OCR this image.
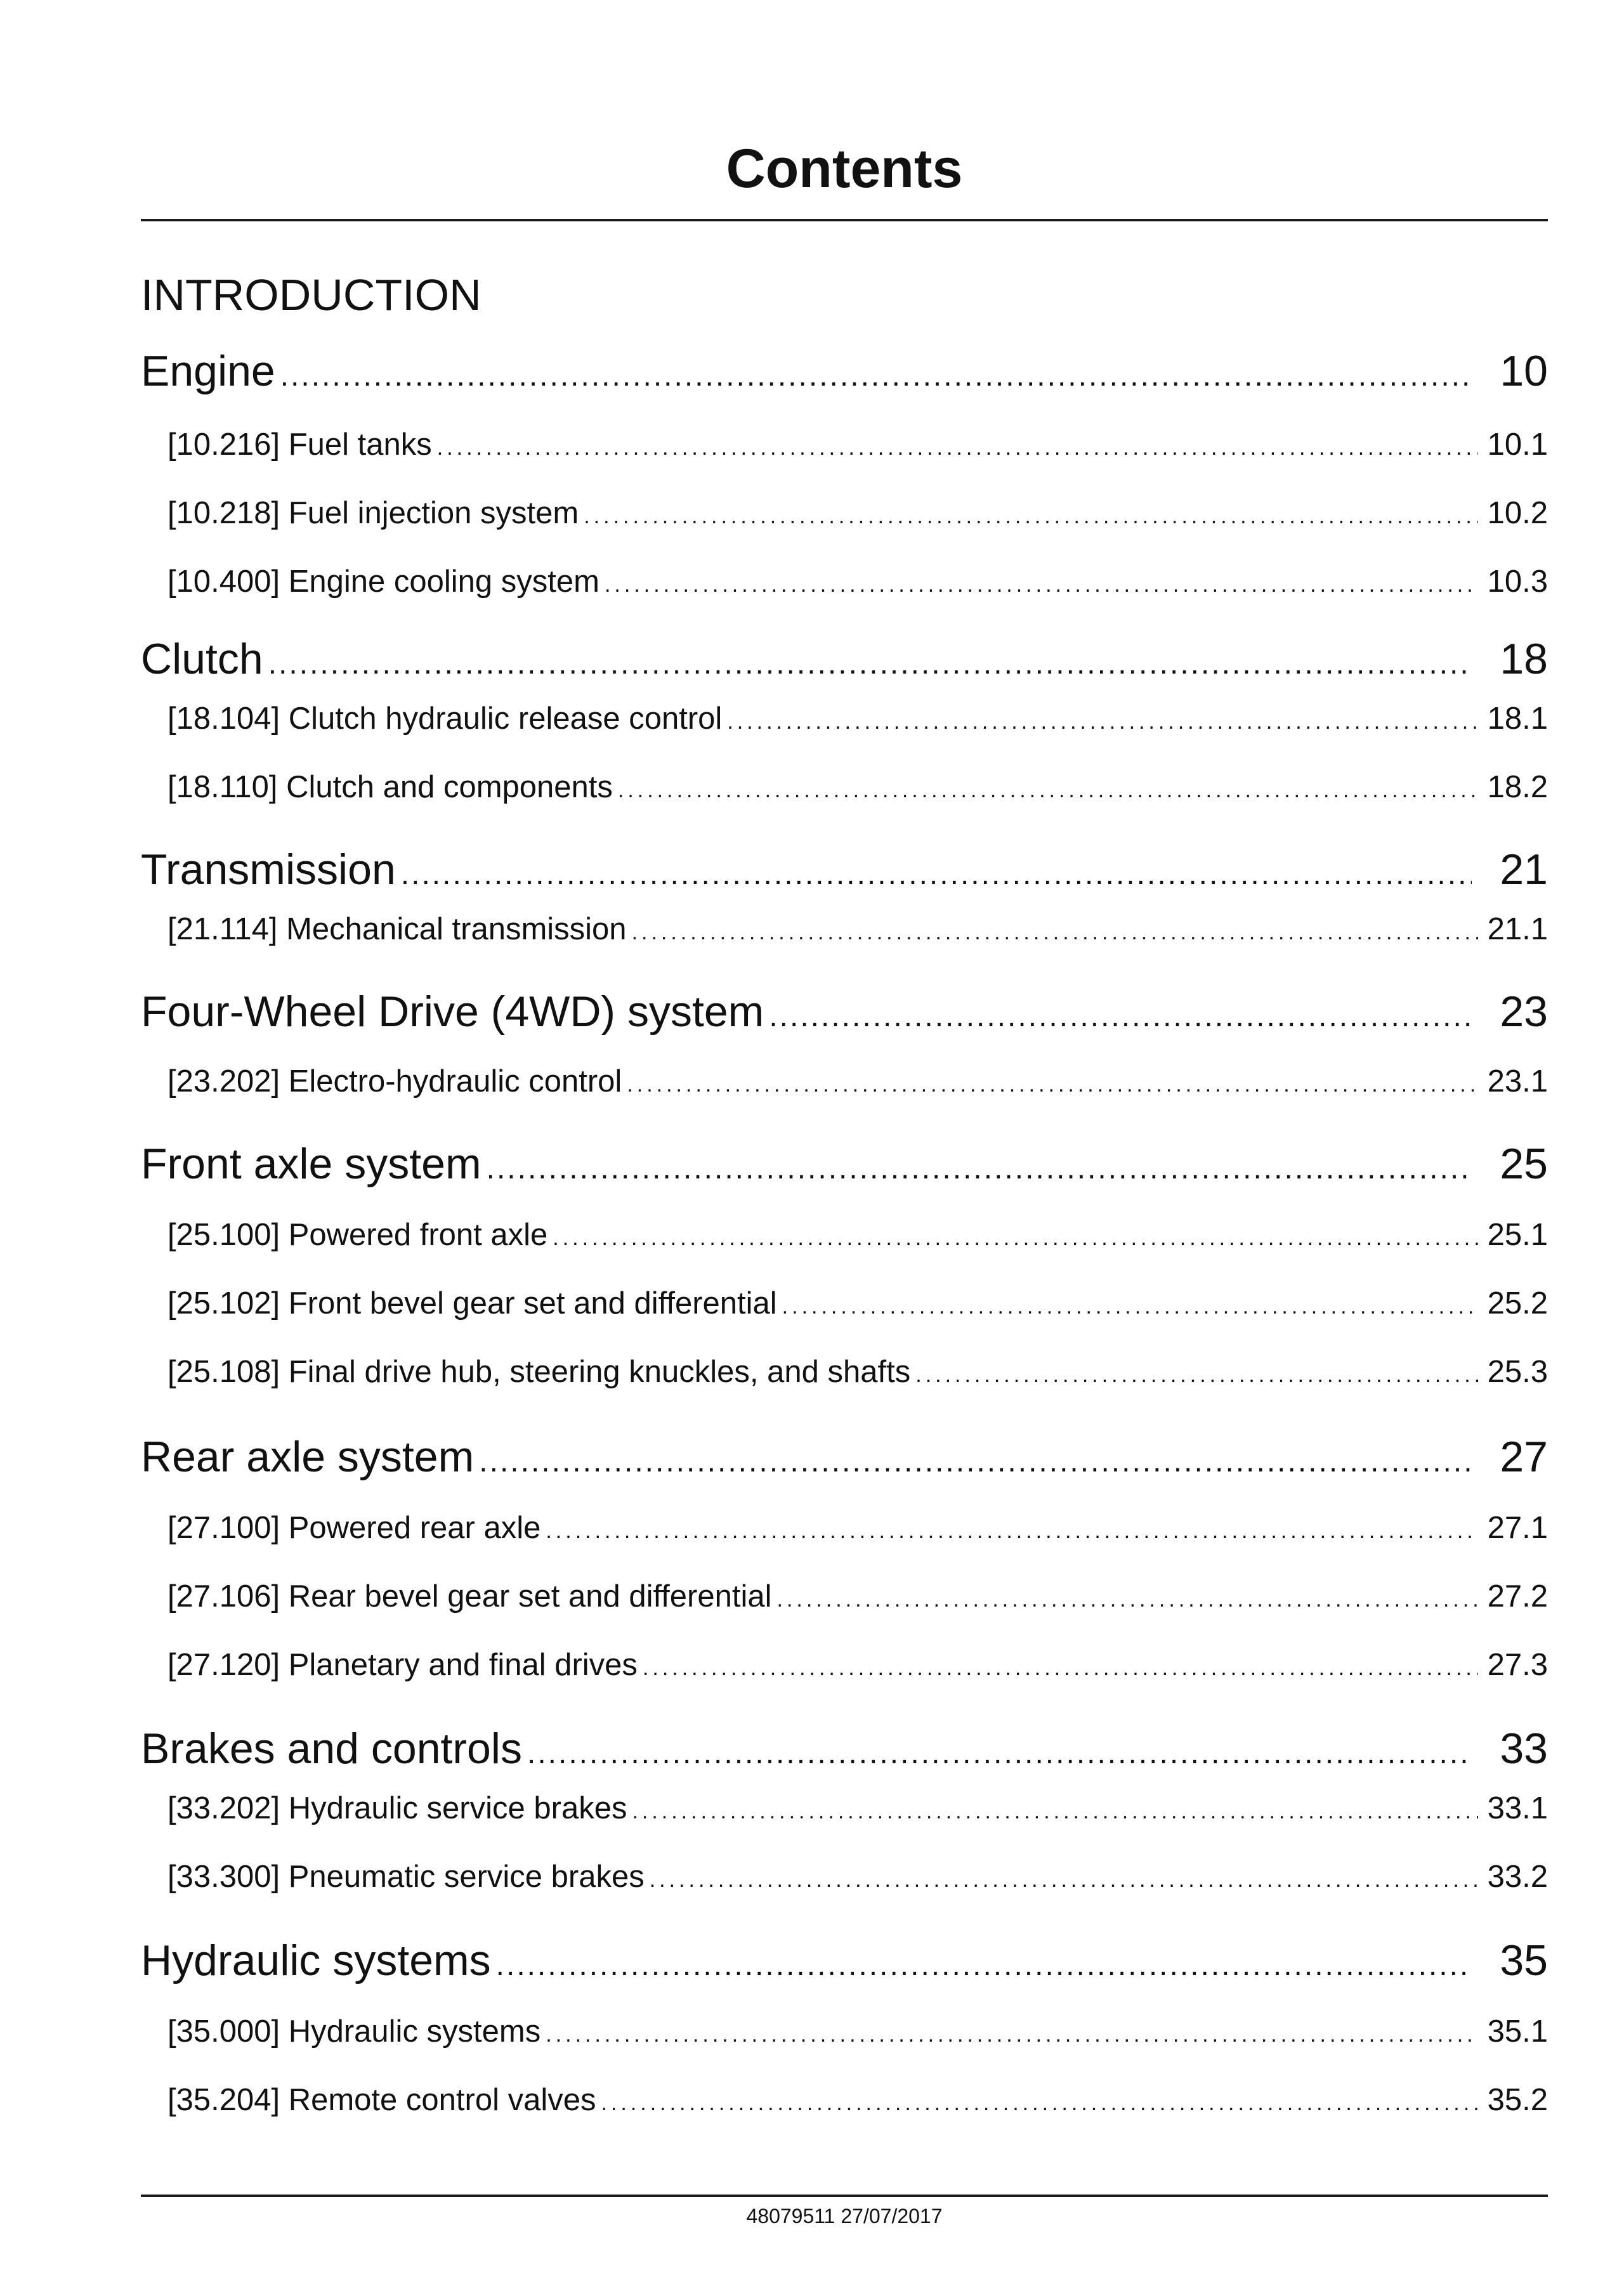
Contents
INTRODUCTION
Engine .....	10
[10.216] Fuel tanks .....	10.1
[10.218] Fuel injection system .....	10.2
[10.400] Engine cooling system .....	10.3
Clutch .....	18
[18.104] Clutch hydraulic release control .....	18.1
[18.110] Clutch and components .....	18.2
Transmission .....	21
[21.114] Mechanical transmission .....	21.1
Four-Wheel Drive (4WD) system .....	23
[23.202] Electro-hydraulic control .....	23.1
Front axle system .....	25
[25.100] Powered front axle .....	25.1
[25.102] Front bevel gear set and differential .....	25.2
[25.108] Final drive hub, steering knuckles, and shafts .....	25.3
Rear axle system .....	27
[27.100] Powered rear axle .....	27.1
[27.106] Rear bevel gear set and differential .....	27.2
[27.120] Planetary and final drives .....	27.3
Brakes and controls .....	33
[33.202] Hydraulic service brakes .....	33.1
[33.300] Pneumatic service brakes .....	33.2
Hydraulic systems .....	35
[35.000] Hydraulic systems .....	35.1
[35.204] Remote control valves .....	35.2

48079511 27/07/2017
